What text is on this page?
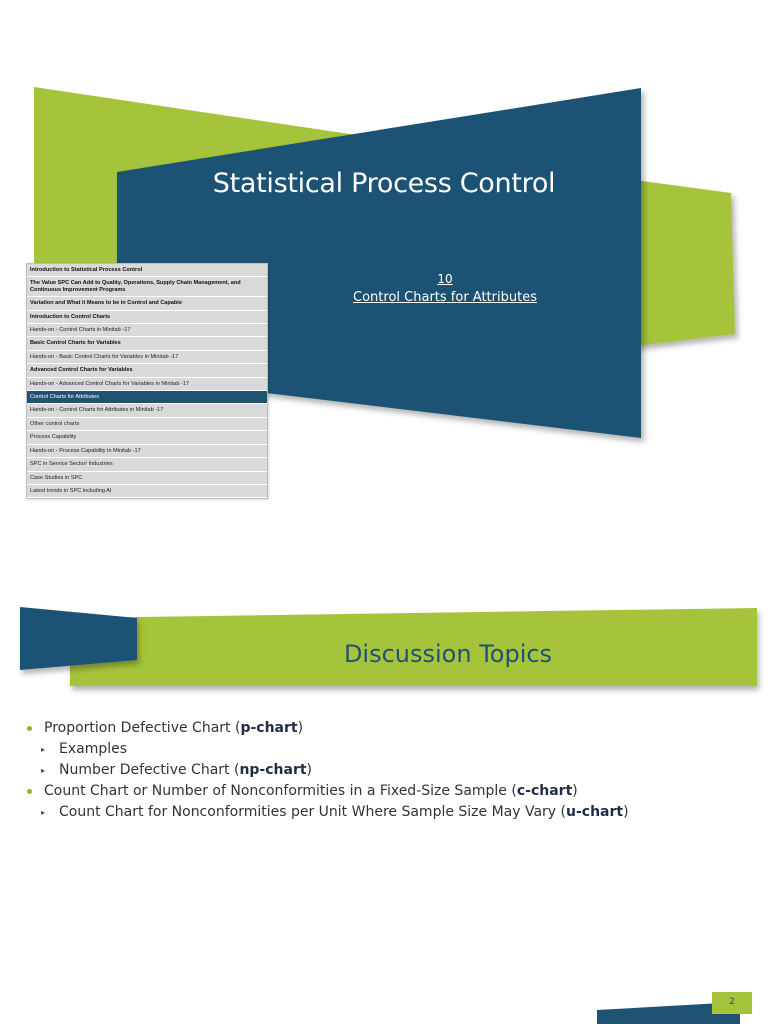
Statistical Process Control
10
Control Charts for Attributes
Introduction to Statistical Process Control
The Value SPC Can Add to Quality, Operations, Supply Chain Management, and Continuous Improvement Programs
Variation and What it Means to be in Control and Capable
Introduction to Control Charts
Hands-on - Control Charts in Minitab -17
Basic Control Charts for Variables
Hands-on - Basic Control Charts for Variables in Minitab -17
Advanced Control Charts for Variables
Hands-on - Advanced Control Charts for Variables in Minitab -17
Control Charts for Attributes
Hands-on - Control Charts for Attributes in Minitab -17
Other control charts
Process Capability
Hands-on - Process Capability in Minitab -17
SPC in Service Sector/ Industries
Case Studies in SPC
Latest trends in SPC including AI
Discussion Topics
Proportion Defective Chart (p-chart)
▸ Examples
▸ Number Defective Chart (np-chart)
Count Chart or Number of Nonconformities in a Fixed-Size Sample (c-chart)
▸ Count Chart for Nonconformities per Unit Where Sample Size May Vary (u-chart)
2
